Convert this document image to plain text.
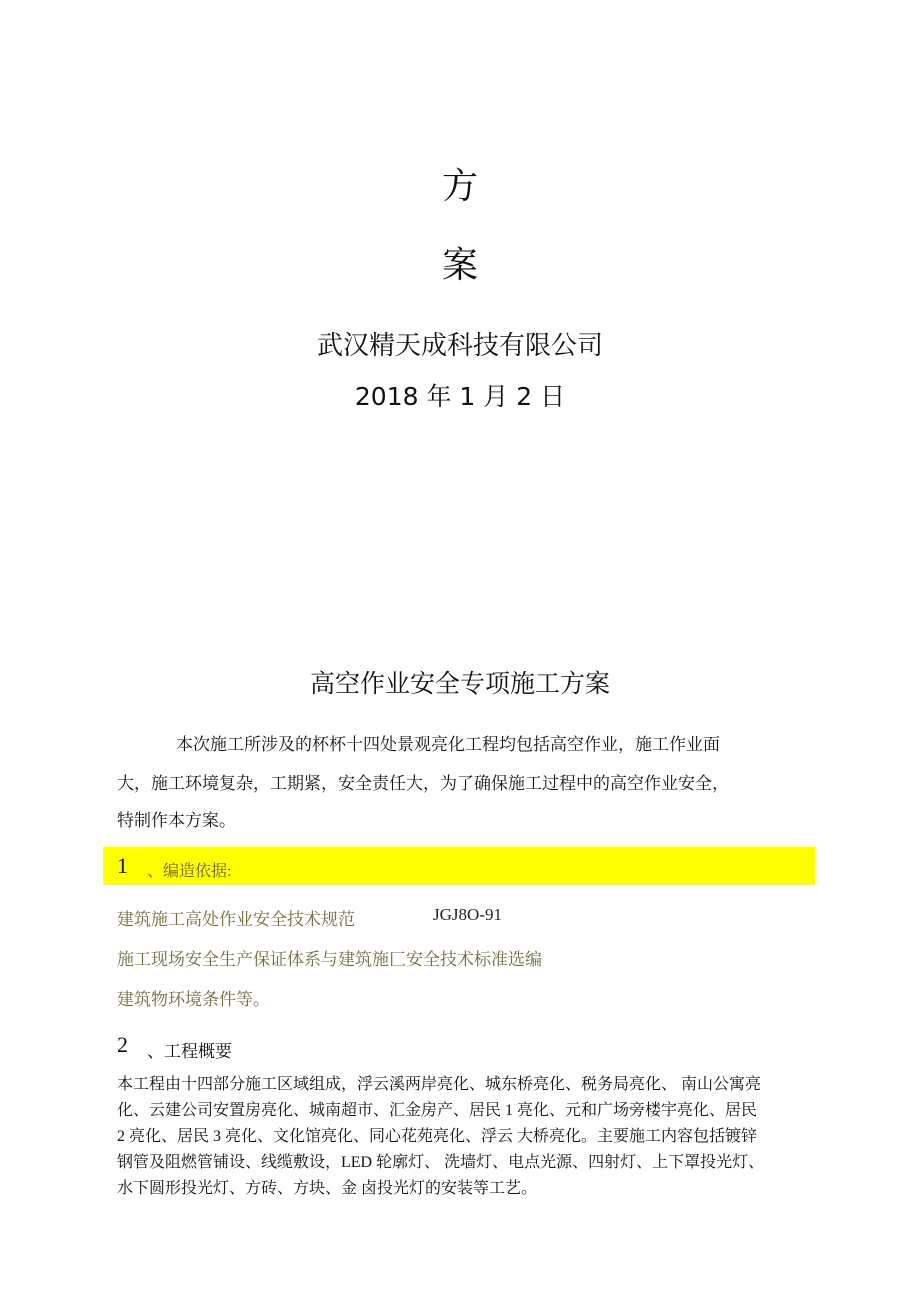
方
案
武汉精天成科技有限公司
2018 年 1 月 2 日
高空作业安全专项施工方案
本次施工所涉及的杯杯十四处景观亮化工程均包括高空作业，施工作业面
大，施工环境复杂，工期紧，安全责任大，为了确保施工过程中的高空作业安全，
特制作本方案。
1 、编造依据:
建筑施工高处作业安全技术规范	JGJ8O-91
施工现场安全生产保证体系与建筑施匚安全技术标准选编
建筑物环境条件等。
2 、工程概要
本工程由十四部分施工区域组成，浮云溪两岸亮化、城东桥亮化、税务局亮化、 南山公寓亮
化、云建公司安置房亮化、城南超市、汇金房产、居民 1 亮化、元和广场旁楼宇亮化、居民
2 亮化、居民 3 亮化、文化馆亮化、同心花苑亮化、浮云 大桥亮化。主要施工内容包括镀锌
钢管及阻燃管铺设、线缆敷设，LED 轮廓灯、 洗墙灯、电点光源、四射灯、上下罩投光灯、
水下圆形投光灯、方砖、方块、金 卤投光灯的安装等工艺。
